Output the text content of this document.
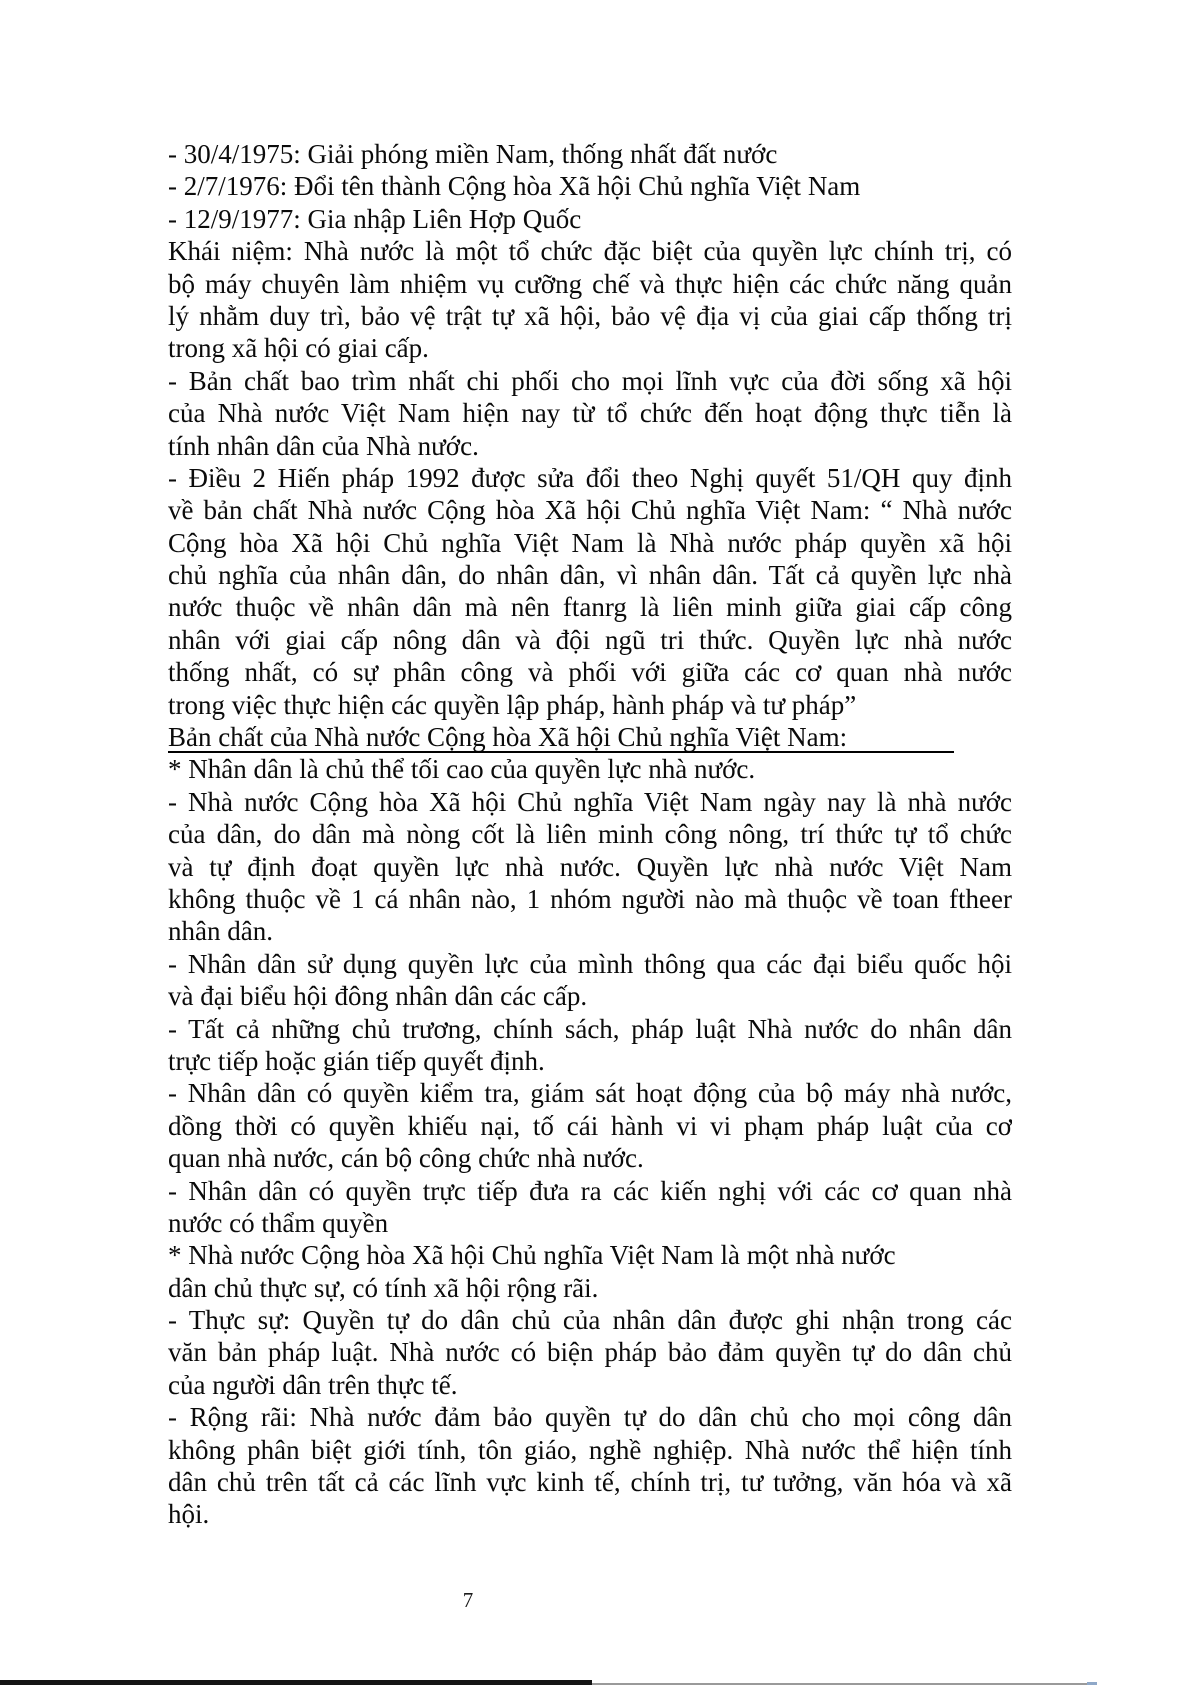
- 30/4/1975: Giải phóng miền Nam, thống nhất đất nước
- 2/7/1976: Đổi tên thành Cộng hòa Xã hội Chủ nghĩa Việt Nam
- 12/9/1977: Gia nhập Liên Hợp Quốc
Khái niệm: Nhà nước là một tổ chức đặc biệt của quyền lực chính trị, có
bộ máy chuyên làm nhiệm vụ cưỡng chế và thực hiện các chức năng quản
lý nhằm duy trì, bảo vệ trật tự xã hội, bảo vệ địa vị của giai cấp thống trị
trong xã hội có giai cấp.
- Bản chất bao trìm nhất chi phối cho mọi lĩnh vực của đời sống xã hội
của Nhà nước Việt Nam hiện nay từ tổ chức đến hoạt động thực tiễn là
tính nhân dân của Nhà nước.
- Điều 2 Hiến pháp 1992 được sửa đổi theo Nghị quyết 51/QH quy định
về bản chất Nhà nước Cộng hòa Xã hội Chủ nghĩa Việt Nam: “ Nhà nước
Cộng hòa Xã hội Chủ nghĩa Việt Nam là Nhà nước pháp quyền xã hội
chủ nghĩa của nhân dân, do nhân dân, vì nhân dân. Tất cả quyền lực nhà
nước thuộc về nhân dân mà nên ftanrg là liên minh giữa giai cấp công
nhân với giai cấp nông dân và đội ngũ tri thức. Quyền lực nhà nước
thống nhất, có sự phân công và phối với giữa các cơ quan nhà nước
trong việc thực hiện các quyền lập pháp, hành pháp và tư pháp”
Bản chất của Nhà nước Cộng hòa Xã hội Chủ nghĩa Việt Nam:
* Nhân dân là chủ thể tối cao của quyền lực nhà nước.
- Nhà nước Cộng hòa Xã hội Chủ nghĩa Việt Nam ngày nay là nhà nước
của dân, do dân mà nòng cốt là liên minh công nông, trí thức tự tổ chức
và tự định đoạt quyền lực nhà nước. Quyền lực nhà nước Việt Nam
không thuộc về 1 cá nhân nào, 1 nhóm người nào mà thuộc về toan ftheer
nhân dân.
- Nhân dân sử dụng quyền lực của mình thông qua các đại biểu quốc hội
và đại biểu hội đông nhân dân các cấp.
- Tất cả những chủ trương, chính sách, pháp luật Nhà nước do nhân dân
trực tiếp hoặc gián tiếp quyết định.
- Nhân dân có quyền kiểm tra, giám sát hoạt động của bộ máy nhà nước,
dồng thời có quyền khiếu nại, tố cái hành vi vi phạm pháp luật của cơ
quan nhà nước, cán bộ công chức nhà nước.
- Nhân dân có quyền trực tiếp đưa ra các kiến nghị với các cơ quan nhà
nước có thẩm quyền
* Nhà nước Cộng hòa Xã hội Chủ nghĩa Việt Nam là một nhà nước
dân chủ thực sự, có tính xã hội rộng rãi.
- Thực sự: Quyền tự do dân chủ của nhân dân được ghi nhận trong các
văn bản pháp luật. Nhà nước có biện pháp bảo đảm quyền tự do dân chủ
của người dân trên thực tế.
- Rộng rãi: Nhà nước đảm bảo quyền tự do dân chủ cho mọi công dân
không phân biệt giới tính, tôn giáo, nghề nghiệp. Nhà nước thể hiện tính
dân chủ trên tất cả các lĩnh vực kinh tế, chính trị, tư tưởng, văn hóa và xã
hội.
7
